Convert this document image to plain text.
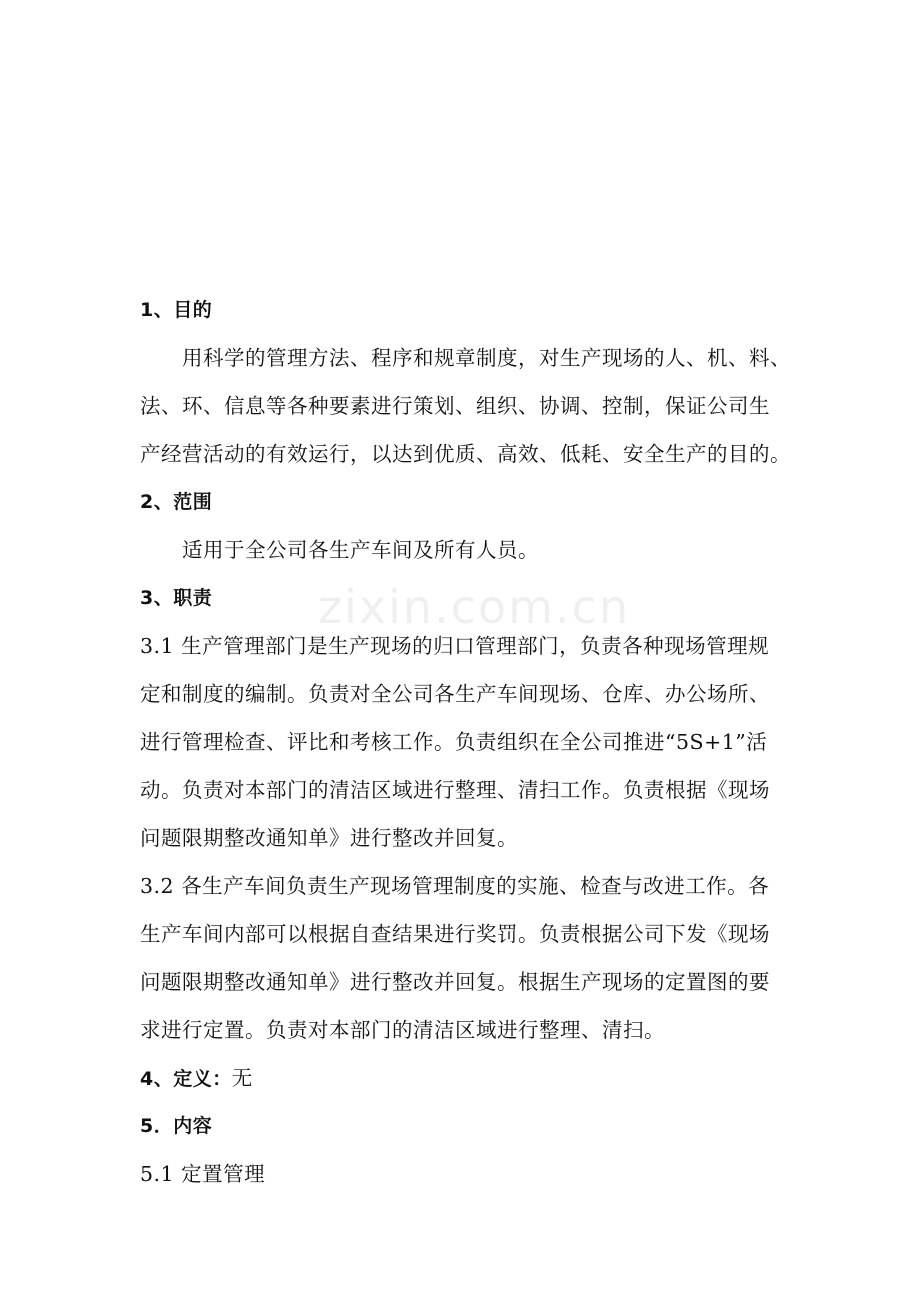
zixin.com.cn
1、目的
用科学的管理方法、程序和规章制度，对生产现场的人、机、料、
法、环、信息等各种要素进行策划、组织、协调、控制，保证公司生
产经营活动的有效运行，以达到优质、高效、低耗、安全生产的目的。
2、范围
适用于全公司各生产车间及所有人员。
3、职责
3.1 生产管理部门是生产现场的归口管理部门，负责各种现场管理规
定和制度的编制。负责对全公司各生产车间现场、仓库、办公场所、
进行管理检查、评比和考核工作。负责组织在全公司推进“5S+1”活
动。负责对本部门的清洁区域进行整理、清扫工作。负责根据《现场
问题限期整改通知单》进行整改并回复。
3.2 各生产车间负责生产现场管理制度的实施、检查与改进工作。各
生产车间内部可以根据自查结果进行奖罚。负责根据公司下发《现场
问题限期整改通知单》进行整改并回复。根据生产现场的定置图的要
求进行定置。负责对本部门的清洁区域进行整理、清扫。
4、定义：无
5．内容
5.1 定置管理
